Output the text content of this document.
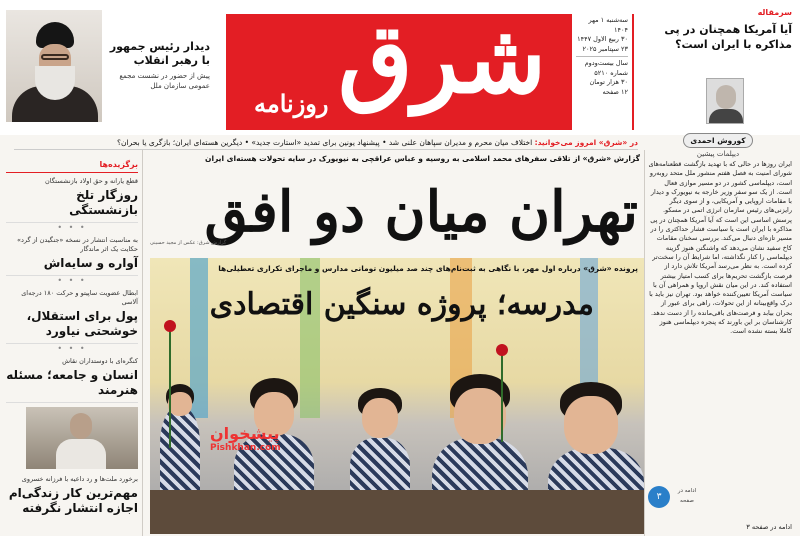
دیدار رئیس جمهور با رهبر انقلاب
پیش از حضور در نشست مجمع عمومی سازمان ملل شرق
روزنامه
سه‌شنبه ۱ مهر ۱۴۰۴
۳۰ ربیع الاول ۱۴۴۷
۲۳ سپتامبر ۲۰۲۵
سال بیست‌و‌دوم
شماره ۵۲۱۰
۳۰ هزار تومان
۱۲ صفحه
سرمقاله
آیا آمریکا همچنان در پی مذاکره با ایران است؟
کوروش احمدی
دیپلمات پیشین
در «شرق» امروز می‌خوانید: اختلاف میان محرم و مدیران سپاهان علنی شد • پیشنهاد یونین برای تمدید «استارت جدید» • دیگرین هسته‌ای ایران؛ بازگری یا بحران؟
برگزیده‌ها
قطع یارانه و حق اولاد بازنشستگان
روزگار تلخ بازنشستگی
• • •
به مناسبت انتشار در نسخه «جنگیدن از گرد» حکایت یک اثر ماندگار
آواره و سایه‌اش
• • •
ابطال عضویت ساپیتو و حرکت ۱۸۰ درجه‌ای آلاسی
پول برای استقلال، خوشحتی نیاورد
• • •
کنگره‌ای با دوستداران نقاش
انسان و جامعه؛ مسئله هنرمند
برخورد ملت‌ها و رد داعیه با فرزانه خسروی
مهم‌ترین کار زندگی‌ام اجازه انتشار نگرفته
گزارش «شرق» از تلاقی سفرهای محمد اسلامی به روسیه و عباس عراقچی به نیویورک در سایه تحولات هسته‌ای ایران
تهران میان دو افق
گزارش شرق: عکس از مجید حسینی
پرونده «شرق» درباره اول مهر، با نگاهی به ثبت‌نام‌های چند صد میلیون تومانی مدارس و ماجرای تکراری تعطیلی‌ها
مدرسه؛ پروژه سنگین اقتصادی
پیشخوان
Pishkhan.com
ایران روزها در حالی که با تهدید بازگشت قطعنامه‌های شورای امنیت به فصل هفتم منشور ملل متحد روبه‌رو است، دیپلماسی کشور در دو مسیر موازی فعال است. از یک سو سفر وزیر خارجه به نیویورک و دیدار با مقامات اروپایی و آمریکایی، و از سوی دیگر رایزنی‌های رئیس سازمان انرژی اتمی در مسکو. پرسش اساسی این است که آیا آمریکا همچنان در پی مذاکره با ایران است یا سیاست فشار حداکثری را در مسیر تازه‌ای دنبال می‌کند. بررسی سخنان مقامات کاخ سفید نشان می‌دهد که واشنگتن هنوز گزینه دیپلماسی را کنار نگذاشته، اما شرایط آن را سخت‌تر کرده است. به نظر می‌رسد آمریکا تلاش دارد از فرصت بازگشت تحریم‌ها برای کسب امتیاز بیشتر استفاده کند. در این میان نقش اروپا و همراهی آن با سیاست آمریکا تعیین‌کننده خواهد بود. تهران نیز باید با درک واقع‌بینانه از این تحولات، راهی برای عبور از بحران بیابد و فرصت‌های باقی‌مانده را از دست ندهد. کارشناسان بر این باورند که پنجره دیپلماسی هنوز کاملا بسته نشده است.
۳
ادامه در صفحه
ادامه در صفحه ۳
